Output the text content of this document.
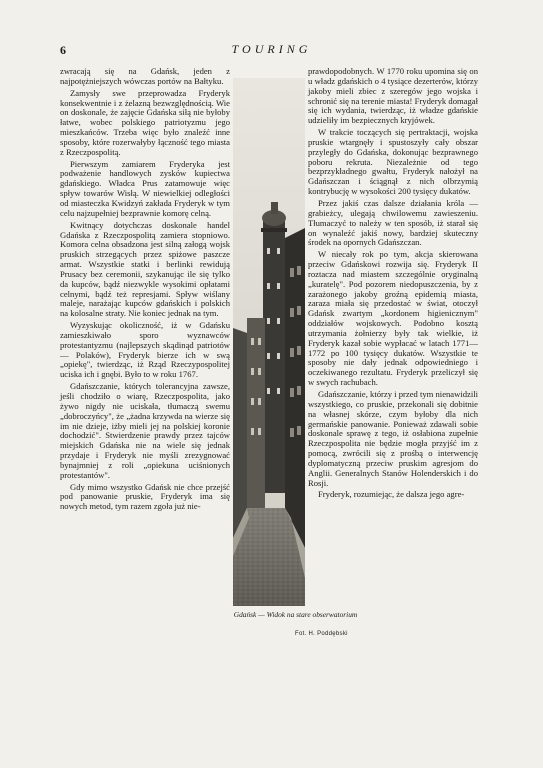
6	TOURING

zwracają się na Gdańsk, jeden z najpotężniejszych wówczas portów na Bałtyku.

Zamysły swe przeprowadza Fryderyk konsekwentnie i z żelazną bezwzględnością. Wie on doskonale, że zajęcie Gdańska siłą nie byłoby łatwe, wobec polskiego patriotyzmu jego mieszkańców. Trzeba więc było znaleźć inne sposoby, które rozerwałyby łączność tego miasta z Rzeczpospolitą.

Pierwszym zamiarem Fryderyka jest podważenie handlowych zysków kupiectwa gdańskiego. Władca Prus zatamowuje więc spływ towarów Wisłą. W niewielkiej odległości od miasteczka Kwidzyń zakłada Fryderyk w tym celu najzupełniej bezprawnie komorę celną.

Kwitnący dotychczas doskonale handel Gdańska z Rzeczpospolitą zamiera stopniowo. Komora celna obsadzona jest silną załogą wojsk pruskich strzegących przez spiżowe paszcze armat. Wszystkie statki i berlinki rewidują Prusacy bez ceremonii, szykanując ile się tylko da kupców, bądź niezwykle wysokimi opłatami celnymi, bądź też represjami. Spływ wiślany maleje, narażając kupców gdańskich i polskich na kolosalne straty. Nie koniec jednak na tym.

Wyzyskując okoliczność, iż w Gdańsku zamieszkiwało sporo wyznawców protestantyzmu (najlepszych skądinąd patriotów — Polaków), Fryderyk bierze ich w swą „opiekę", twierdząc, iż Rząd Rzeczypospolitej uciska ich i gnębi. Było to w roku 1767.

Gdańszczanie, których tolerancyjna zawsze, jeśli chodziło o wiarę, Rzeczpospolita, jako żywo nigdy nie uciskała, tłumaczą swemu „dobroczyńcy", że „żadna krzywda na wierze się im nie dzieje, iżby mieli jej na polskiej koronie dochodzić". Stwierdzenie prawdy przez tajców miejskich Gdańska nie na wiele się jednak przydaje i Fryderyk nie myśli zrezygnować bynajmniej z roli „opiekuna uciśnionych protestantów".

Gdy mimo wszystko Gdańsk nie chce przejść pod panowanie pruskie, Fryderyk ima się nowych metod, tym razem zgoła już nie-

Gdańsk — Widok na stare obserwatorium
Fot. H. Poddębski

prawdopodobnych. W 1770 roku upomina się on u władz gdańskich o 4 tysiące dezerterów, którzy jakoby mieli zbiec z szeregów jego wojska i schronić się na terenie miasta! Fryderyk domagał się ich wydania, twierdząc, iż władze gdańskie udzieliły im bezpiecznych kryjówek.

W trakcie toczących się pertraktacji, wojska pruskie wtargnęły i spustoszyły cały obszar przyległy do Gdańska, dokonując bezprawnego poboru rekruta. Niezależnie od tego bezprzykładnego gwałtu, Fryderyk nałożył na Gdańszczan i ściągnął z nich olbrzymią kontrybucję w wysokości 200 tysięcy dukatów.

Przez jakiś czas dalsze działania króla — grabieżcy, ulegają chwilowemu zawieszeniu. Tłumaczyć to należy w ten sposób, iż starał się on wynaleźć jakiś nowy, bardziej skuteczny środek na opornych Gdańszczan.

W niecały rok po tym, akcja skierowana przeciw Gdańskowi rozwija się. Fryderyk II roztacza nad miastem szczególnie oryginalną „kuratelę". Pod pozorem niedopuszczenia, by z zarażonego jakoby groźną epidemią miasta, zaraza miała się przedostać w świat, otoczył Gdańsk zwartym „kordonem higienicznym" oddziałów wojskowych. Podobno kosztą utrzymania żołnierzy były tak wielkie, iż Fryderyk kazał sobie wypłacać w latach 1771—1772 po 100 tysięcy dukatów. Wszystkie te sposoby nie dały jednak odpowiedniego i oczekiwanego rezultatu. Fryderyk przeliczył się w swych rachubach.

Gdańszczanie, którzy i przed tym nienawidzili wszystkiego, co pruskie, przekonali się dobitnie na własnej skórze, czym byłoby dla nich germańskie panowanie. Ponieważ zdawali sobie doskonale sprawę z tego, iż osłabiona zupełnie Rzeczpospolita nie będzie mogła przyjść im z pomocą, zwrócili się z prośbą o interwencję dyplomatyczną przeciw pruskim agresjom do Anglii. Generalnych Stanów Holenderskich i do Rosji.

Fryderyk, rozumiejąc, że dalsza jego agre-
